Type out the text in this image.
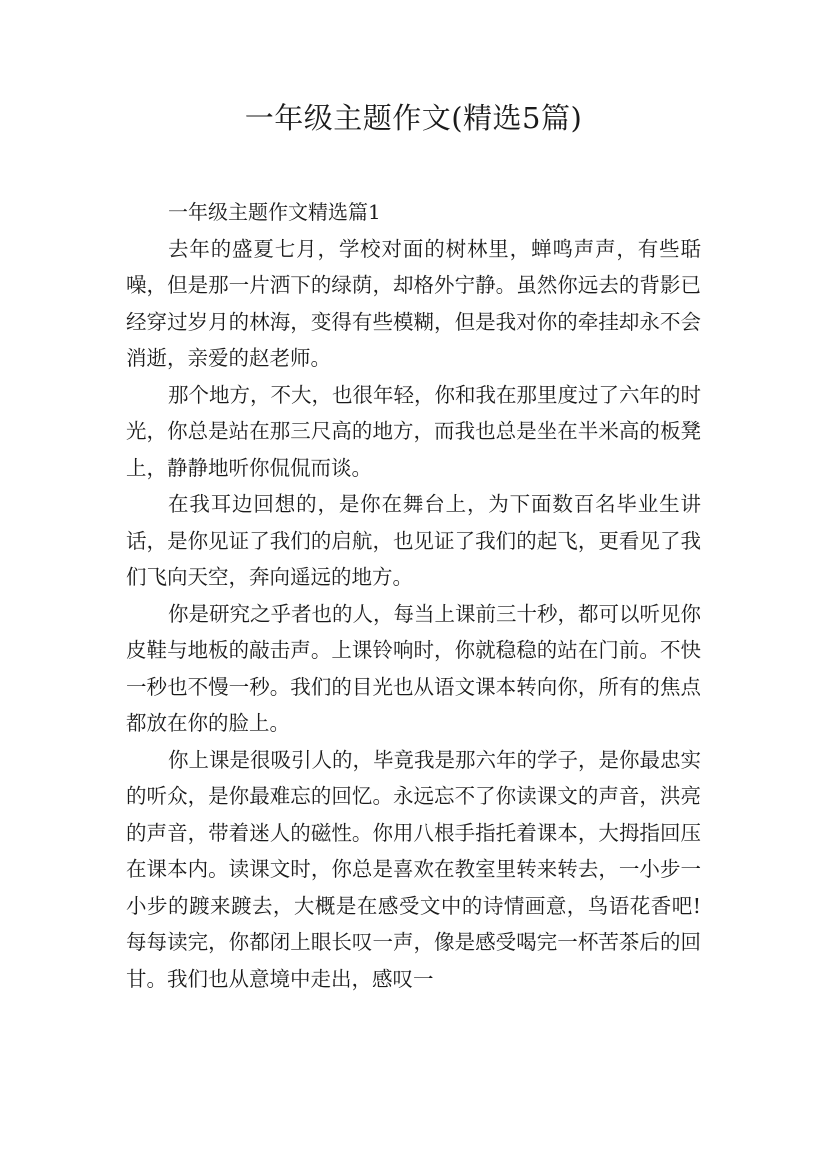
一年级主题作文(精选5篇)

一年级主题作文精选篇1

去年的盛夏七月，学校对面的树林里，蝉鸣声声，有些聒噪，但是那一片洒下的绿荫，却格外宁静。虽然你远去的背影已经穿过岁月的林海，变得有些模糊，但是我对你的牵挂却永不会消逝，亲爱的赵老师。

那个地方，不大，也很年轻，你和我在那里度过了六年的时光，你总是站在那三尺高的地方，而我也总是坐在半米高的板凳上，静静地听你侃侃而谈。

在我耳边回想的，是你在舞台上，为下面数百名毕业生讲话，是你见证了我们的启航，也见证了我们的起飞，更看见了我们飞向天空，奔向遥远的地方。

你是研究之乎者也的人，每当上课前三十秒，都可以听见你皮鞋与地板的敲击声。上课铃响时，你就稳稳的站在门前。不快一秒也不慢一秒。我们的目光也从语文课本转向你，所有的焦点都放在你的脸上。

你上课是很吸引人的，毕竟我是那六年的学子，是你最忠实的听众，是你最难忘的回忆。永远忘不了你读课文的声音，洪亮的声音，带着迷人的磁性。你用八根手指托着课本，大拇指回压在课本内。读课文时，你总是喜欢在教室里转来转去，一小步一小步的踱来踱去，大概是在感受文中的诗情画意，鸟语花香吧!每每读完，你都闭上眼长叹一声，像是感受喝完一杯苦茶后的回甘。我们也从意境中走出，感叹一
